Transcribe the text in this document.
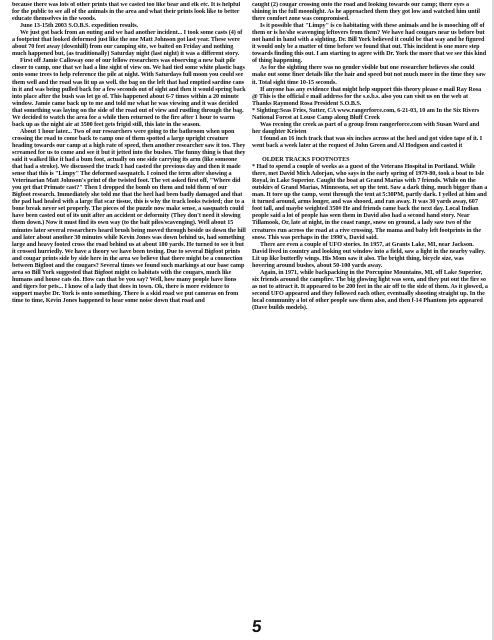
because there was lots of other prints that we casted too like bear and elk etc. It is helpful for the public to see all of the animals in the area and what their prints look like to better educate themselves in the woods.

June 13-15th 2003 S.O.B.S. expedition results.

We just got back from an outing and we had another incident... I took some casts (4) of a footprint that looked deformed just like the one Matt Johnson got last year. These were about 70 feet away (downhill) from our camping site, we baited on Friday and nothing much happened but, (as traditionally) Saturday night (last night) it was a different story.

First off Jamie Calloway one of our fellow researchers was observing a new bait pile closer to camp, one that we had a line sight of view on. We had tied some white plastic bags onto some trees to help reference the pile at night. With Saturdays full moon you could see them well and the road was lit up as well. the bag on the left that had emptied sardine cans in it and was being pulled back for a few seconds out of sight and then it would spring back into place after the bush was let go of. This happened about 6-7 times within a 20 minute window. Jamie came back up to me and told me what he was viewing and it was decided that something was laying on the side of the road out of view and rustling through the bag. We decided to watch the area for a while then returned to the fire after 1 hour to warm back up as the night air at 3500 feet gets frigid still, this late in the season.

About 1 hour later... Two of our researchers were going to the bathroom when upon crossing the road to come back to camp one of them spotted a large upright creature heading towards our camp at a high rate of speed, then another researcher saw it too. They screamed for us to come and see it but it jetted into the bushes. The funny thing is that they said it walked like it had a bum foot, actually on one side carrying its arm (like someone that had a stroke). We discussed the track I had casted the previous day and then it made sense that this is "Limpy" The deformed sasquatch. I coined the term after showing a Veterinarian Matt Johnson's print of the twisted foot. The vet asked first off, "Where did you get that Primate cast?" Then I dropped the bomb on them and told them of our Bigfoot research. Immediately she told me that the heel had been badly damaged and that the pad had healed with a large flat scar tissue, this is why the track looks twisted; due to a bone break never set properly. The pieces of the puzzle now make sense, a sasquatch could have been casted out of its unit after an accident or deformity (They don't need it slowing them down.) Now it must find its own way (to the bait piles/scavenging). Well about 15 minutes later several researchers heard brush being moved through beside us down the hill and later about another 30 minutes while Kevin Jones was down behind us, had something large and heavy footed cross the road behind us at about 180 yards. He turned to see it but it crossed hurriedly. We have a theory we have been testing. Due to several Bigfoot prints and cougar prints side by side here in the area we believe that there might be a connection between Bigfoot and the cougars? Several times we found such markings at our base camp area so Bill York suggested that Bigfoot might co habitats with the cougars, much like humans and house cats do. How can that be you say? Well, how many people have lions and tigers for pets... I know of a lady that does in town. Ok, there is more evidence to support maybe Dr. York is onto something. There is a skid road we put cameras on from time to time, Kevin Jones happened to hear some noise down that road and

caught (2) cougar crossing onto the road and looking towards our camp; there eyes a shining in the full moonlight. As he approached them they got low and watched him until there comfort zone was compromised.

Is it possible that "Limpy" is co habitating with these animals and he is mooching off of them or is he/she scavenging leftovers from them? We have had cougars near us before but not hand in hand with a sighting. Dr. Bill York believed it could be that way and he figured it would only be a matter of time before we found that out. This incident is one more step towards finding this out. I am starting to agree with Dr. York the more that we see this kind of thing happening.

As for the sighting there was no gender visible but one researcher believes she could make out some finer details like the hair and speed but not much more in the time they saw it. Total sight time 10-15 seconds.

If anyone has any evidence that might help support this theory please e mail Ray Rosa @ This is the official e mail address for the s.o.b.s. also you can visit us on the web at Thanks Raymond Rosa President S.O.B.S.

* Sighting:Seas Fries, Sutter, CA www.rangerforce.com, 6-21-03, 10 am In the Six Rivers National Forest at Louse Camp along Bluff Creek

Was recoing the creek as part of a group from rangerforce.com with Susan Ward and her daughter Kristen

I found an 16 inch track that was six inches across at the heel and got video tape of it. I went back a week later at the request of John Green and Al Hodgson and casted it

OLDER TRACKS FOOTNOTES

* Had to spend a couple of weeks as a guest of the Veterans Hospital in Portland. While there, met David Mich Adorjan, who says in the early spring of 1979-80, took a boat to Isle Royal, in Lake Superior. Caught the boat at Grand Marias with 7 friends. While on the outskirs of Grand Marias, Minnesota, set up the tent. Saw a dark thing, much bigger than a man. It tore up the camp, went through the tent at 5:30PM, partly dark. I yelled at him and it turned around, arms longer, and was shooed, and ran away. It was 30 yards away, 607 foot tall, and maybe weighted 350# He and friends came back the next day. Local Indian people said a lot of people has seen them in David also had a second hand story. Near Tillamook, Or, late at night, in the coast range, snow on ground, a lady saw two of the creatures run across the road at a rive crossing. The mama and baby left footprints in the snow. This was perhaps in the 1990's, David said.

There are even a couple of UFO stories. In 1957, at Grants Lake, MI, near Jackson. David lived in country and looking out window into a field, saw a light in the nearby valley. Lit up like butterfly wings. His Mom saw it also. The bright thing, bicycle size, was hovering around bushes, about 50-100 yards away.

Again, in 1971, while backpacking in the Porcupine Mountains, MI, off Lake Superior, six friends around the campfire. The big glowing light was seen, and they put out the fire so as not to attract it. It appeared to be 200 feet in the air off to the side of them. As it glowed, a second UFO appeared and they followed each other, eventually shooting straight up. In the local community a lot of other people saw them also, and then f-14 Phantom jets appeared (Dave builds models).

5
